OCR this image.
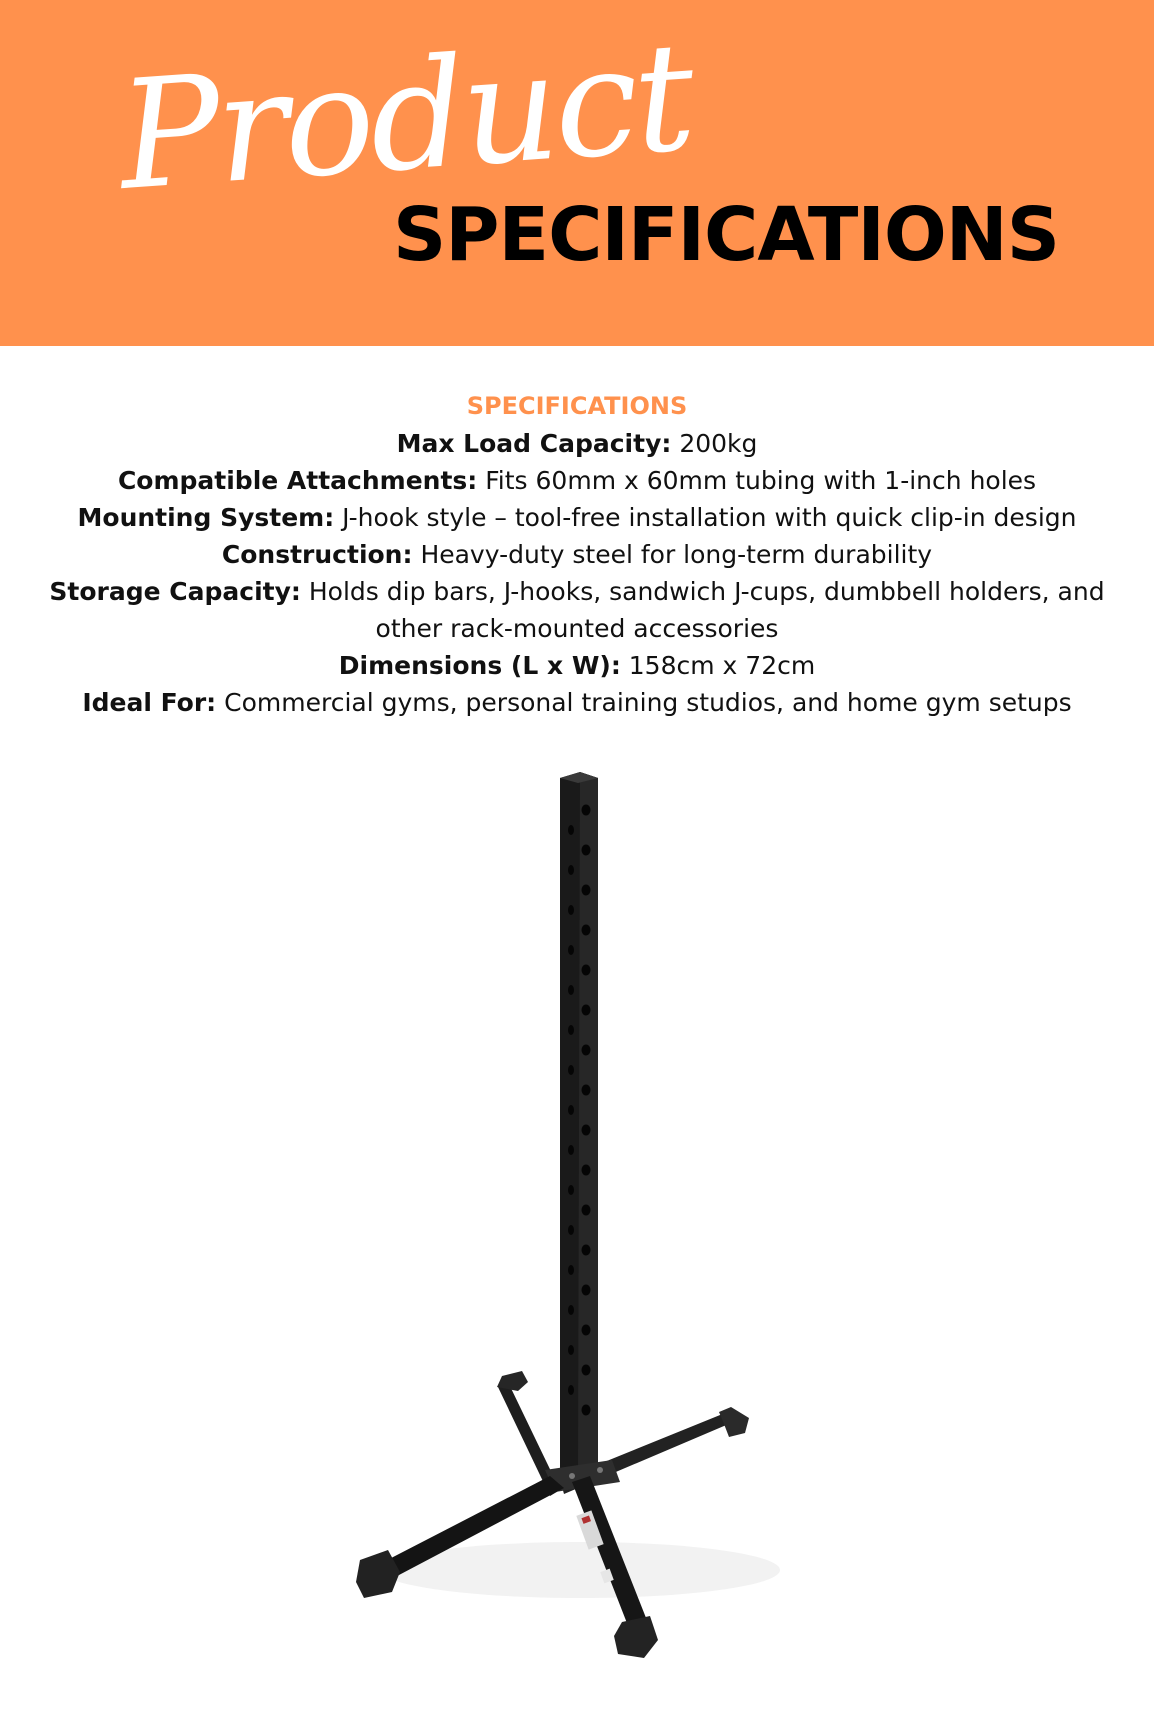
Product
SPECIFICATIONS
SPECIFICATIONS
Max Load Capacity: 200kg
Compatible Attachments: Fits 60mm x 60mm tubing with 1-inch holes
Mounting System: J-hook style – tool-free installation with quick clip-in design
Construction: Heavy-duty steel for long-term durability
Storage Capacity: Holds dip bars, J-hooks, sandwich J-cups, dumbbell holders, and other rack-mounted accessories
Dimensions (L x W): 158cm x 72cm
Ideal For: Commercial gyms, personal training studios, and home gym setups
